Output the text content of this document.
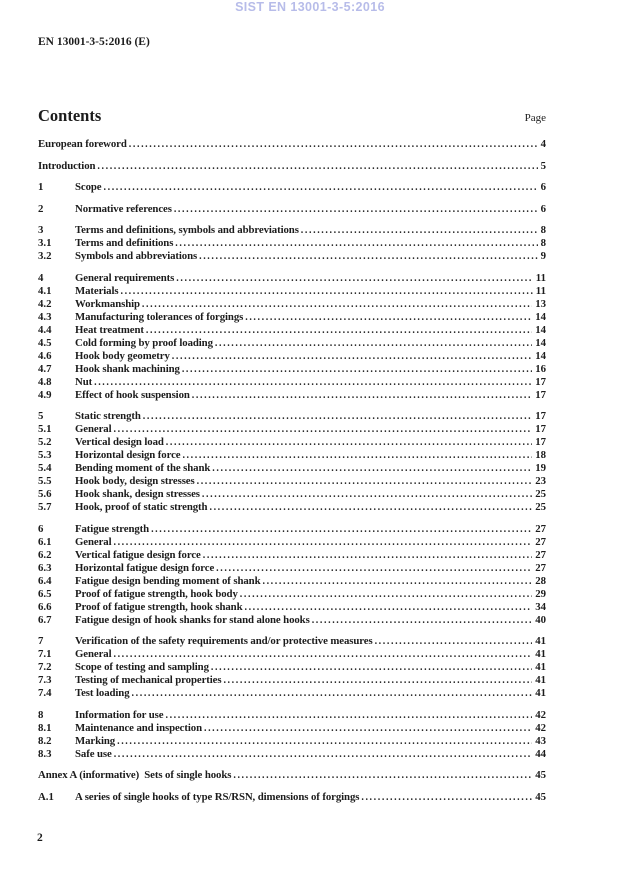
SIST EN 13001-3-5:2016
EN 13001-3-5:2016 (E)
Contents	Page
European foreword .....	4
Introduction .....	5
1	Scope .....	6
2	Normative references .....	6
3	Terms and definitions, symbols and abbreviations .....	8
3.1	Terms and definitions .....	8
3.2	Symbols and abbreviations .....	9
4	General requirements .....	11
4.1	Materials .....	11
4.2	Workmanship .....	13
4.3	Manufacturing tolerances of forgings .....	14
4.4	Heat treatment .....	14
4.5	Cold forming by proof loading .....	14
4.6	Hook body geometry .....	14
4.7	Hook shank machining .....	16
4.8	Nut .....	17
4.9	Effect of hook suspension .....	17
5	Static strength .....	17
5.1	General .....	17
5.2	Vertical design load .....	17
5.3	Horizontal design force .....	18
5.4	Bending moment of the shank .....	19
5.5	Hook body, design stresses .....	23
5.6	Hook shank, design stresses .....	25
5.7	Hook, proof of static strength .....	25
6	Fatigue strength .....	27
6.1	General .....	27
6.2	Vertical fatigue design force .....	27
6.3	Horizontal fatigue design force .....	27
6.4	Fatigue design bending moment of shank .....	28
6.5	Proof of fatigue strength, hook body .....	29
6.6	Proof of fatigue strength, hook shank .....	34
6.7	Fatigue design of hook shanks for stand alone hooks .....	40
7	Verification of the safety requirements and/or protective measures .....	41
7.1	General .....	41
7.2	Scope of testing and sampling .....	41
7.3	Testing of mechanical properties .....	41
7.4	Test loading .....	41
8	Information for use .....	42
8.1	Maintenance and inspection .....	42
8.2	Marking .....	43
8.3	Safe use .....	44
Annex A (informative)  Sets of single hooks .....	45
A.1	A series of single hooks of type RS/RSN, dimensions of forgings .....	45
2
